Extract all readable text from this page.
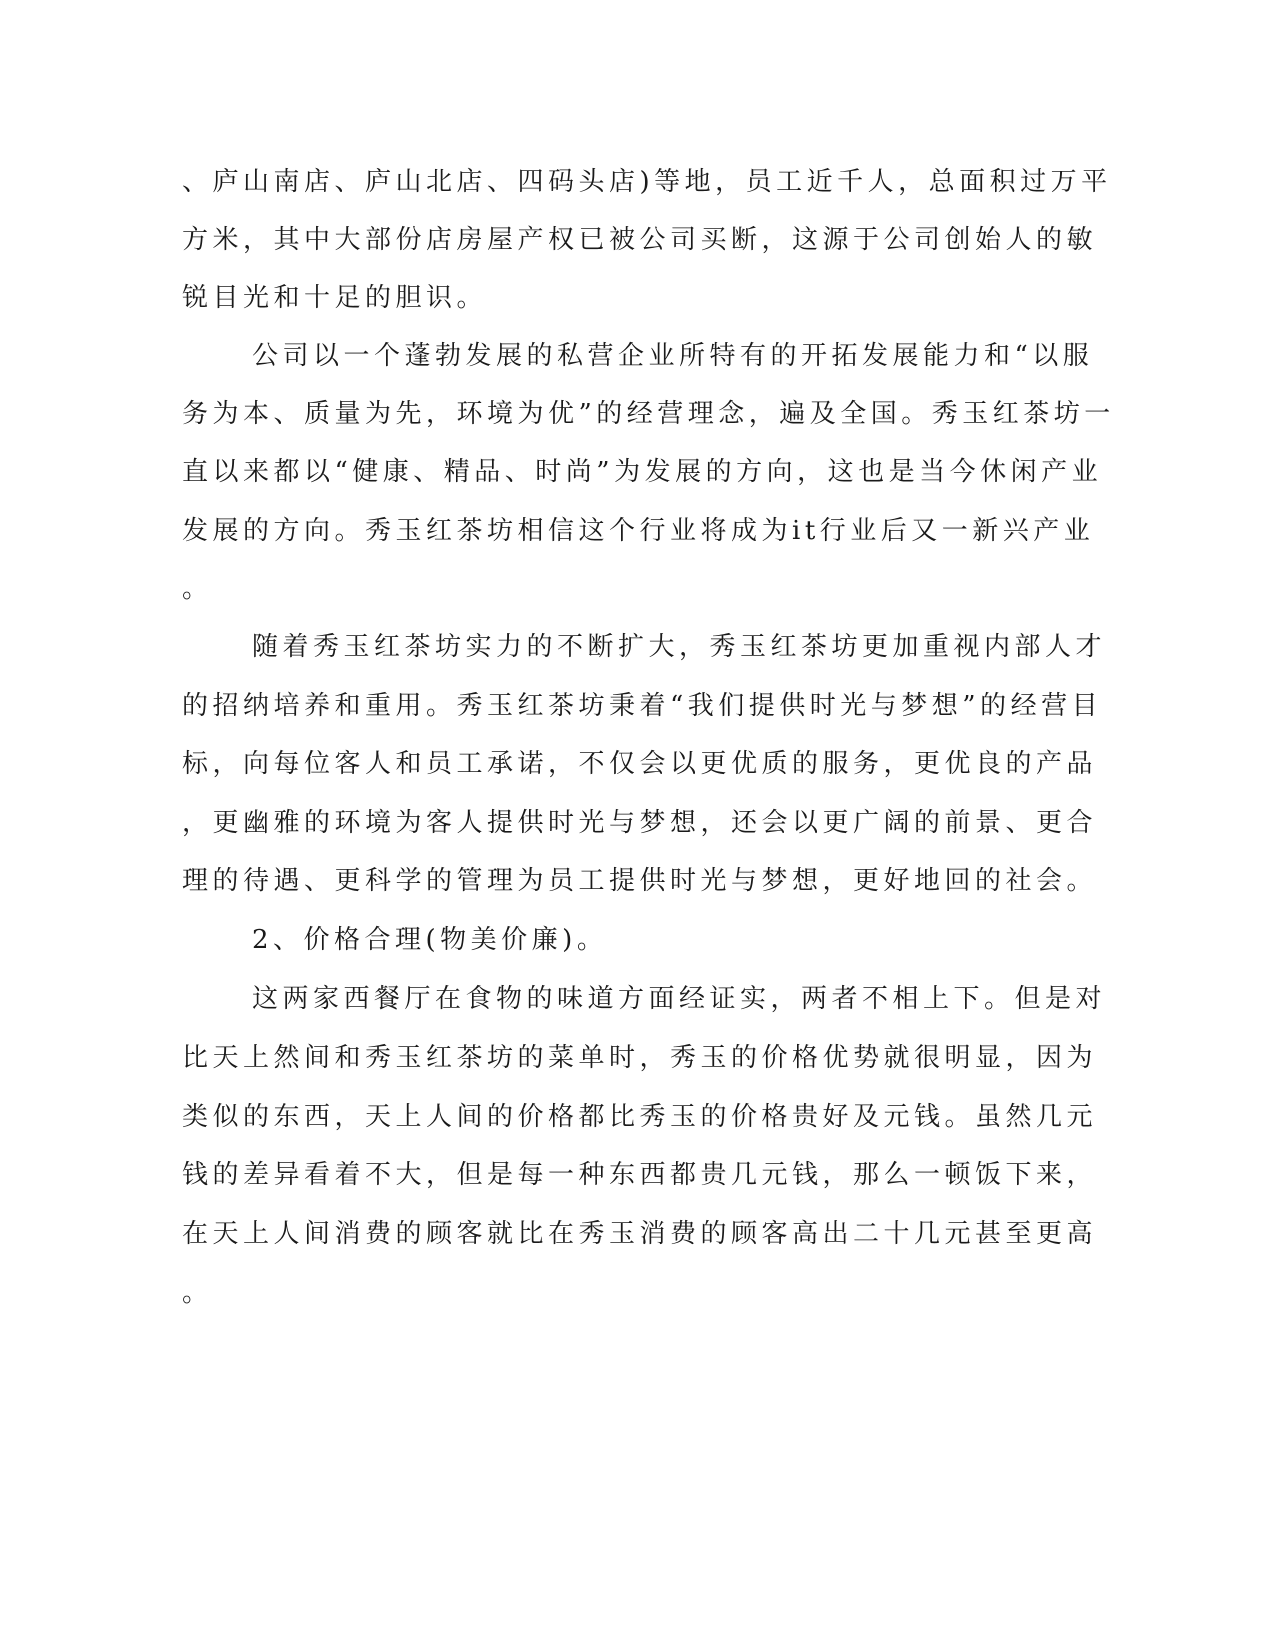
、庐山南店、庐山北店、四码头店)等地，员工近千人，总面积过万平
方米，其中大部份店房屋产权已被公司买断，这源于公司创始人的敏
锐目光和十足的胆识。
公司以一个蓬勃发展的私营企业所特有的开拓发展能力和“以服
务为本、质量为先，环境为优”的经营理念，遍及全国。秀玉红茶坊一
直以来都以“健康、精品、时尚”为发展的方向，这也是当今休闲产业
发展的方向。秀玉红茶坊相信这个行业将成为it行业后又一新兴产业
。
随着秀玉红茶坊实力的不断扩大，秀玉红茶坊更加重视内部人才
的招纳培养和重用。秀玉红茶坊秉着“我们提供时光与梦想”的经营目
标，向每位客人和员工承诺，不仅会以更优质的服务，更优良的产品
，更幽雅的环境为客人提供时光与梦想，还会以更广阔的前景、更合
理的待遇、更科学的管理为员工提供时光与梦想，更好地回的社会。
2、价格合理(物美价廉)。
这两家西餐厅在食物的味道方面经证实，两者不相上下。但是对
比天上然间和秀玉红茶坊的菜单时，秀玉的价格优势就很明显，因为
类似的东西，天上人间的价格都比秀玉的价格贵好及元钱。虽然几元
钱的差异看着不大，但是每一种东西都贵几元钱，那么一顿饭下来，
在天上人间消费的顾客就比在秀玉消费的顾客高出二十几元甚至更高
。
